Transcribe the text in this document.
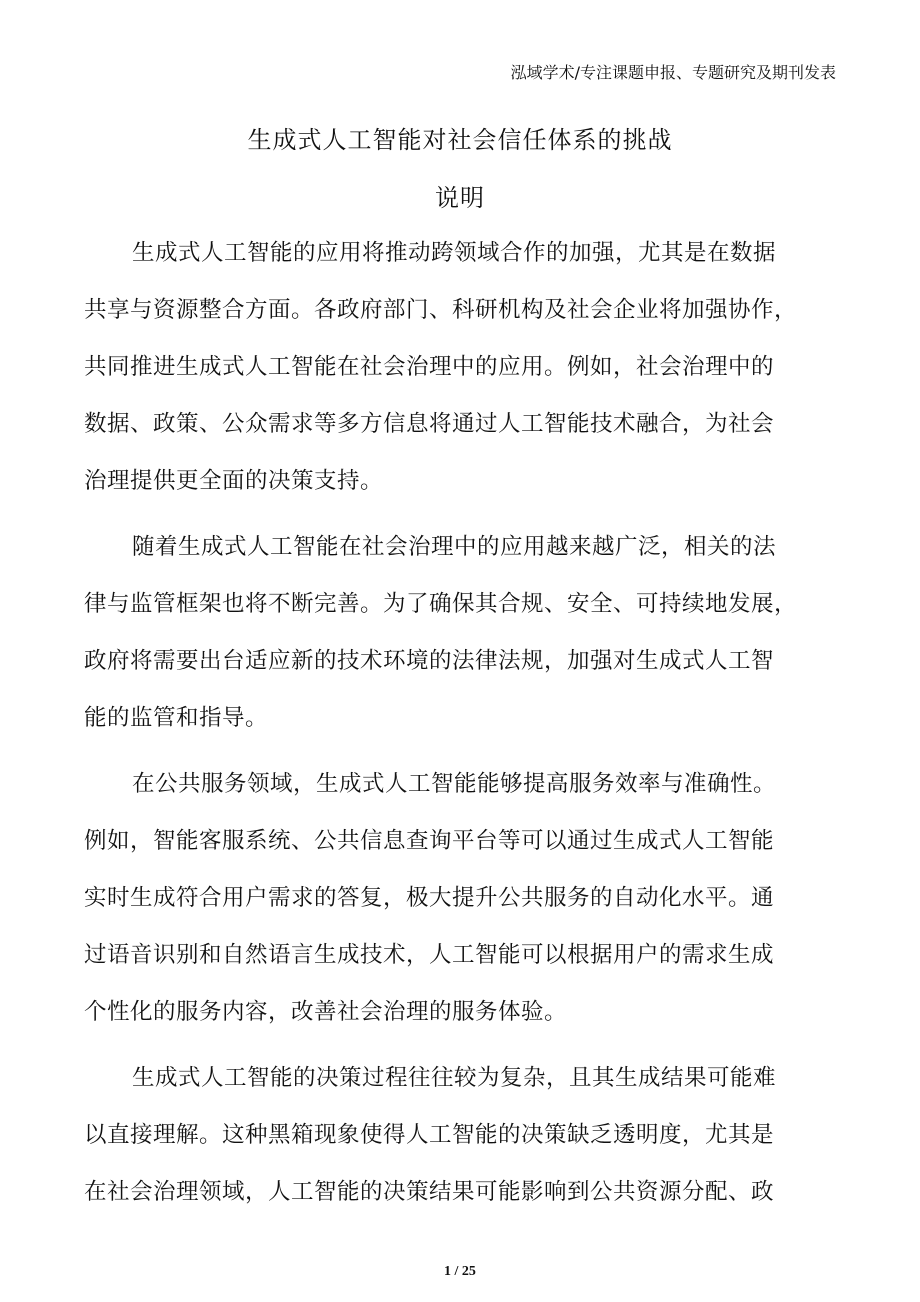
泓域学术/专注课题申报、专题研究及期刊发表
生成式人工智能对社会信任体系的挑战
说明
生成式人工智能的应用将推动跨领域合作的加强，尤其是在数据
共享与资源整合方面。各政府部门、科研机构及社会企业将加强协作，
共同推进生成式人工智能在社会治理中的应用。例如，社会治理中的
数据、政策、公众需求等多方信息将通过人工智能技术融合，为社会
治理提供更全面的决策支持。
随着生成式人工智能在社会治理中的应用越来越广泛，相关的法
律与监管框架也将不断完善。为了确保其合规、安全、可持续地发展，
政府将需要出台适应新的技术环境的法律法规，加强对生成式人工智
能的监管和指导。
在公共服务领域，生成式人工智能能够提高服务效率与准确性。
例如，智能客服系统、公共信息查询平台等可以通过生成式人工智能
实时生成符合用户需求的答复，极大提升公共服务的自动化水平。通
过语音识别和自然语言生成技术，人工智能可以根据用户的需求生成
个性化的服务内容，改善社会治理的服务体验。
生成式人工智能的决策过程往往较为复杂，且其生成结果可能难
以直接理解。这种黑箱现象使得人工智能的决策缺乏透明度，尤其是
在社会治理领域，人工智能的决策结果可能影响到公共资源分配、政
1 / 25
